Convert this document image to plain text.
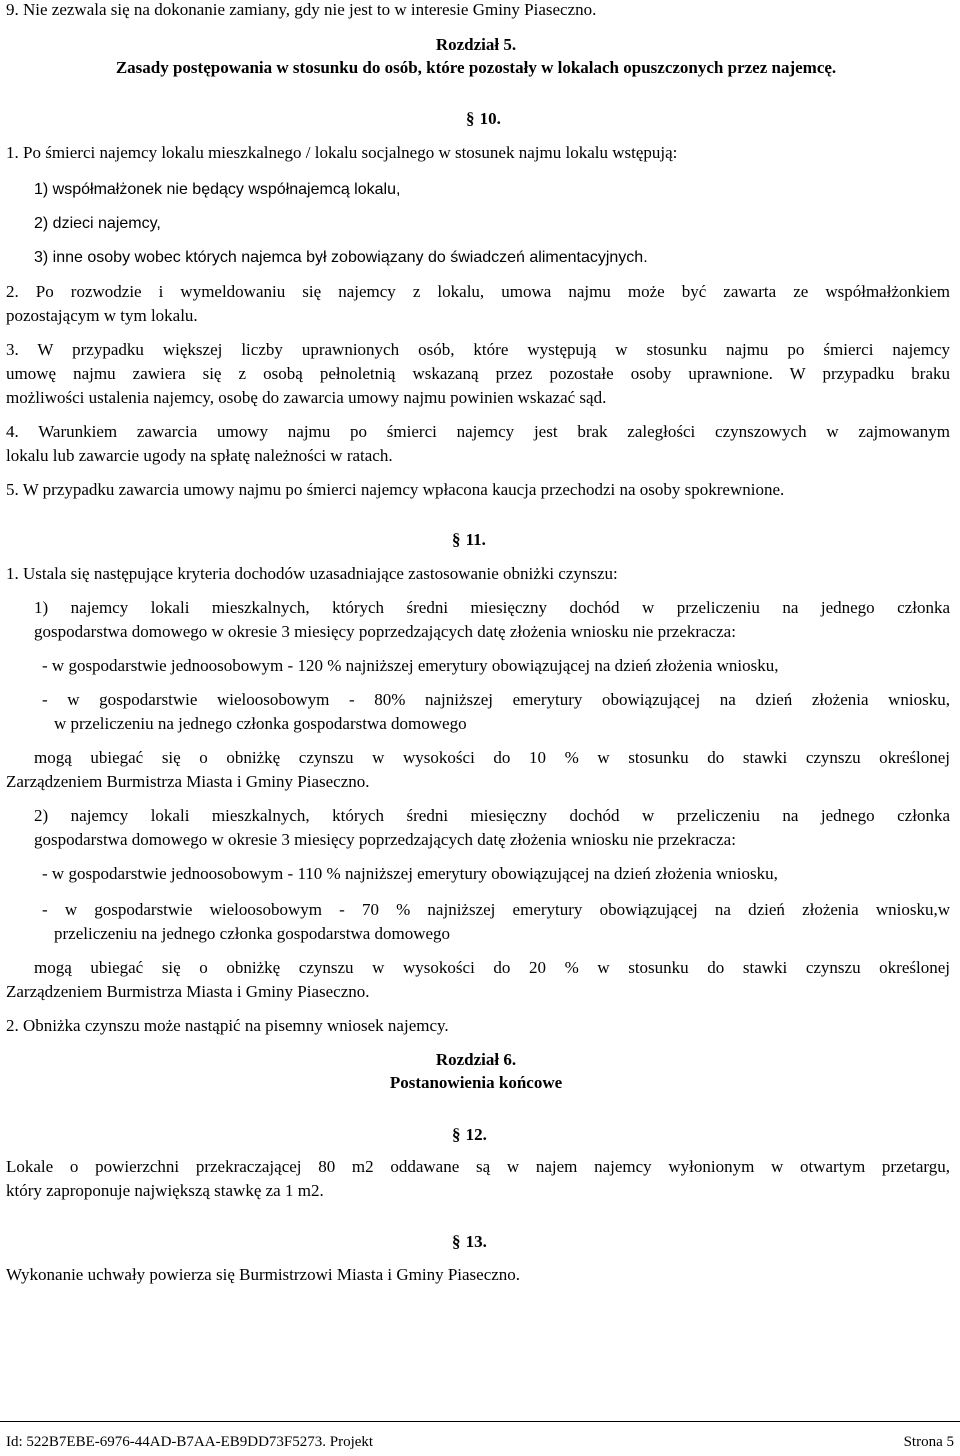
9. Nie zezwala się na dokonanie zamiany, gdy nie jest to w interesie Gminy Piaseczno.
Rozdział 5.
Zasady postępowania w stosunku do osób, które pozostały w lokalach opuszczonych przez najemcę.
§ 10.
1. Po śmierci najemcy lokalu mieszkalnego / lokalu socjalnego w stosunek najmu lokalu wstępują:
1) współmałżonek nie będący współnajemcą lokalu,
2) dzieci najemcy,
3) inne osoby wobec których najemca był zobowiązany do świadczeń alimentacyjnych.
2. Po rozwodzie i wymeldowaniu się najemcy z lokalu, umowa najmu może być zawarta ze współmałżonkiem
pozostającym w tym lokalu.
3. W przypadku większej liczby uprawnionych osób, które występują w stosunku najmu po śmierci najemcy
umowę najmu zawiera się z osobą pełnoletnią wskazaną przez pozostałe osoby uprawnione. W przypadku braku
możliwości ustalenia najemcy, osobę do zawarcia umowy najmu powinien wskazać sąd.
4. Warunkiem zawarcia umowy najmu po śmierci najemcy jest brak zaległości czynszowych w zajmowanym
lokalu lub zawarcie ugody na spłatę należności w ratach.
5. W przypadku zawarcia umowy najmu po śmierci najemcy wpłacona kaucja przechodzi na osoby spokrewnione.
§ 11.
1. Ustala się następujące kryteria dochodów uzasadniające zastosowanie obniżki czynszu:
1) najemcy lokali mieszkalnych, których średni miesięczny dochód w przeliczeniu na jednego członka
gospodarstwa domowego w okresie 3 miesięcy poprzedzających datę złożenia wniosku nie przekracza:
- w gospodarstwie jednoosobowym - 120 % najniższej emerytury obowiązującej na dzień złożenia wniosku,
- w gospodarstwie wieloosobowym - 80% najniższej emerytury obowiązującej na dzień złożenia wniosku,
w przeliczeniu na jednego członka gospodarstwa domowego
mogą ubiegać się o obniżkę czynszu w wysokości do 10 % w stosunku do stawki czynszu określonej
Zarządzeniem Burmistrza Miasta i Gminy Piaseczno.
2) najemcy lokali mieszkalnych, których średni miesięczny dochód w przeliczeniu na jednego członka
gospodarstwa domowego w okresie 3 miesięcy poprzedzających datę złożenia wniosku nie przekracza:
- w gospodarstwie jednoosobowym - 110 % najniższej emerytury obowiązującej na dzień złożenia wniosku,
- w gospodarstwie wieloosobowym - 70 % najniższej emerytury obowiązującej na dzień złożenia wniosku,w
przeliczeniu na jednego członka gospodarstwa domowego
mogą ubiegać się o obniżkę czynszu w wysokości do 20 % w stosunku do stawki czynszu określonej
Zarządzeniem Burmistrza Miasta i Gminy Piaseczno.
2. Obniżka czynszu może nastąpić na pisemny wniosek najemcy.
Rozdział 6.
Postanowienia końcowe
§ 12.
Lokale o powierzchni przekraczającej 80 m2 oddawane są w najem najemcy wyłonionym w otwartym przetargu,
który zaproponuje największą stawkę za 1 m2.
§ 13.
Wykonanie uchwały powierza się Burmistrzowi Miasta i Gminy Piaseczno.
Id: 522B7EBE-6976-44AD-B7AA-EB9DD73F5273. Projekt	Strona 5
